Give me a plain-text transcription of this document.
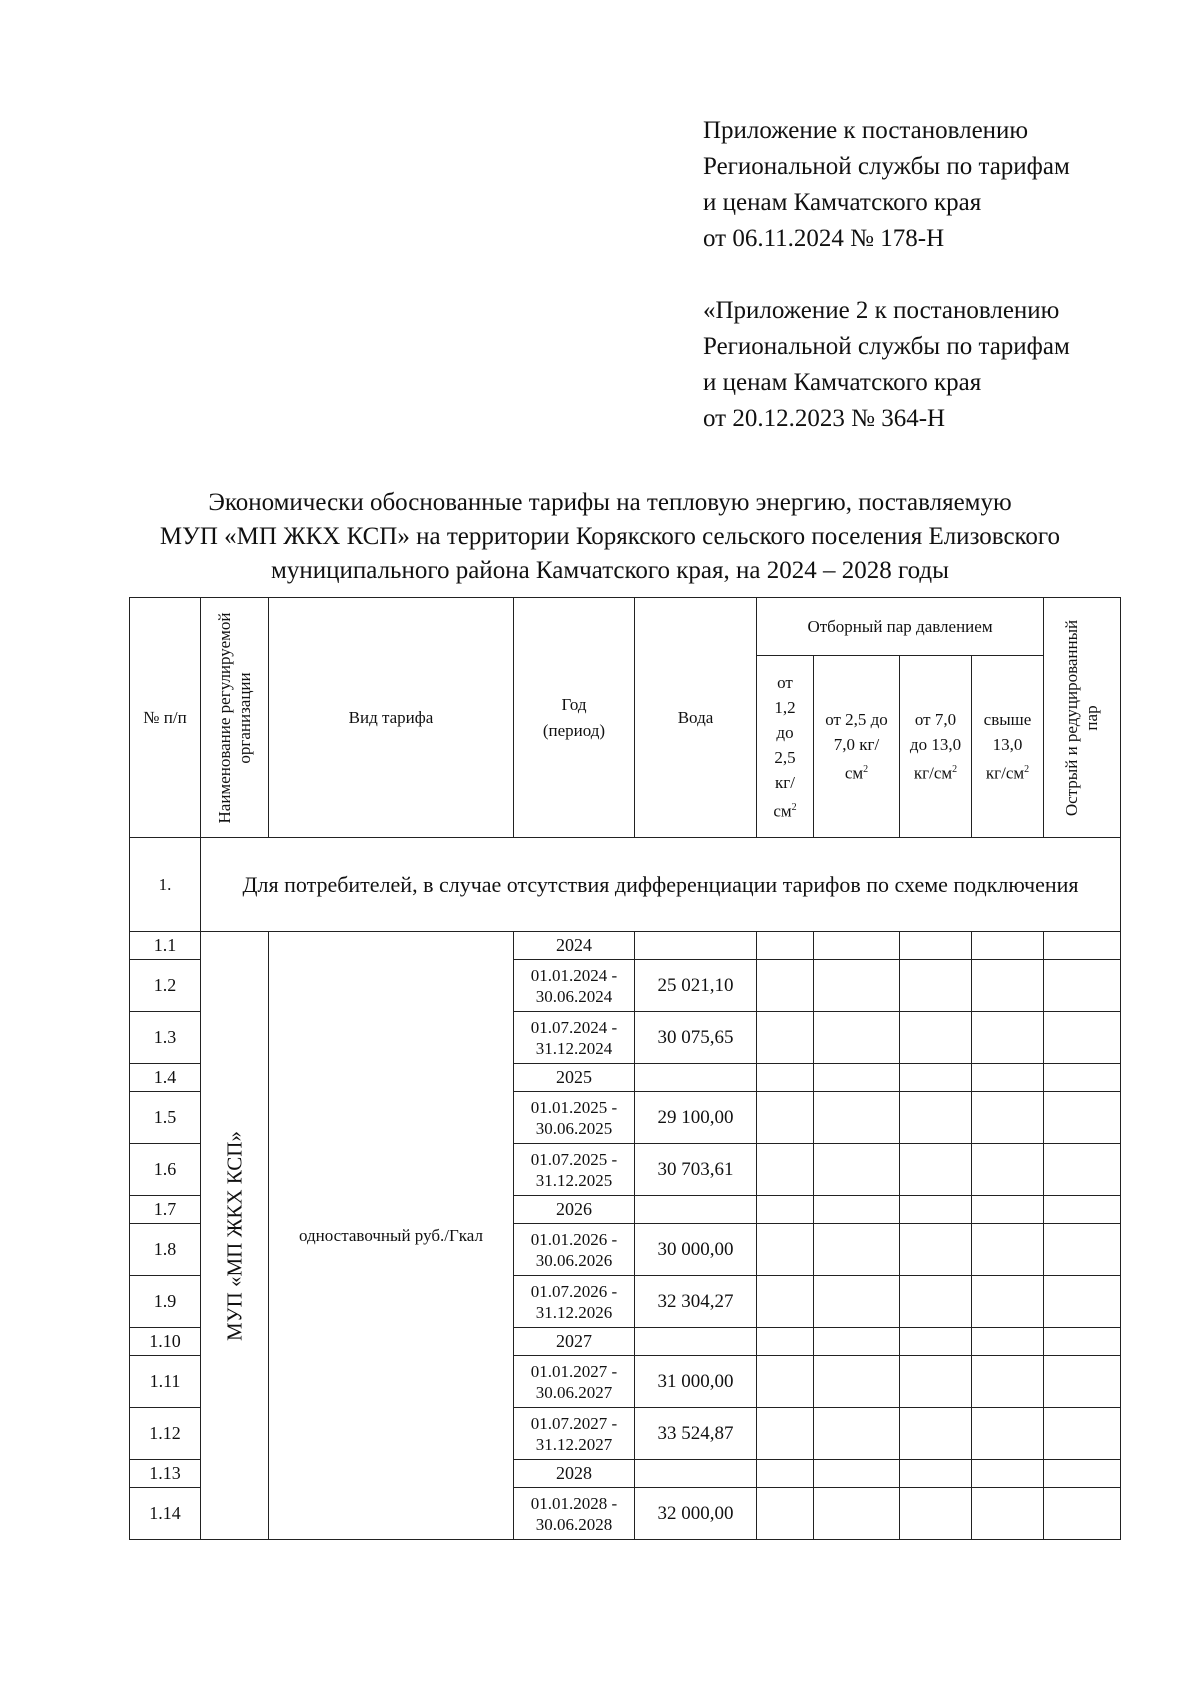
Приложение к постановлению
Региональной службы по тарифам
и ценам Камчатского края
от 06.11.2024 № 178-Н
«Приложение 2 к постановлению
Региональной службы по тарифам
и ценам Камчатского края
от 20.12.2023 № 364-Н
Экономически обоснованные тарифы на тепловую энергию, поставляемую
МУП «МП ЖКХ КСП» на территории Корякского сельского поселения Елизовского
муниципального района Камчатского края, на 2024 – 2028 годы
№ п/п	Наименование регулируемой организации	Вид тарифа	Год (период)	Вода	Отборный пар давлением				Острый и редуцированный пар

					от 1,2 до 2,5 $кг/см^2$	от 2,5 до 7,0 $кг/см^2$	от 7,0 до 13,0 $кг/см^2$	свыше 13,0 $кг/см^2$

1.	Для потребителей, в случае отсутствия дифференциации тарифов по схеме подключения								
1.1	МУП «МП ЖКХ КСП»	одноставочный руб./Гкал	2024						
1.2			01.01.2024 - 30.06.2024	25 021,10					
1.3			01.07.2024 - 31.12.2024	30 075,65					
1.4			2025						
1.5			01.01.2025 - 30.06.2025	29 100,00					
1.6			01.07.2025 - 31.12.2025	30 703,61					
1.7			2026						
1.8			01.01.2026 - 30.06.2026	30 000,00					
1.9			01.07.2026 - 31.12.2026	32 304,27					
1.10			2027						
1.11			01.01.2027 - 30.06.2027	31 000,00					
1.12			01.07.2027 - 31.12.2027	33 524,87					
1.13			2028						
1.14			01.01.2028 - 30.06.2028	32 000,00					
